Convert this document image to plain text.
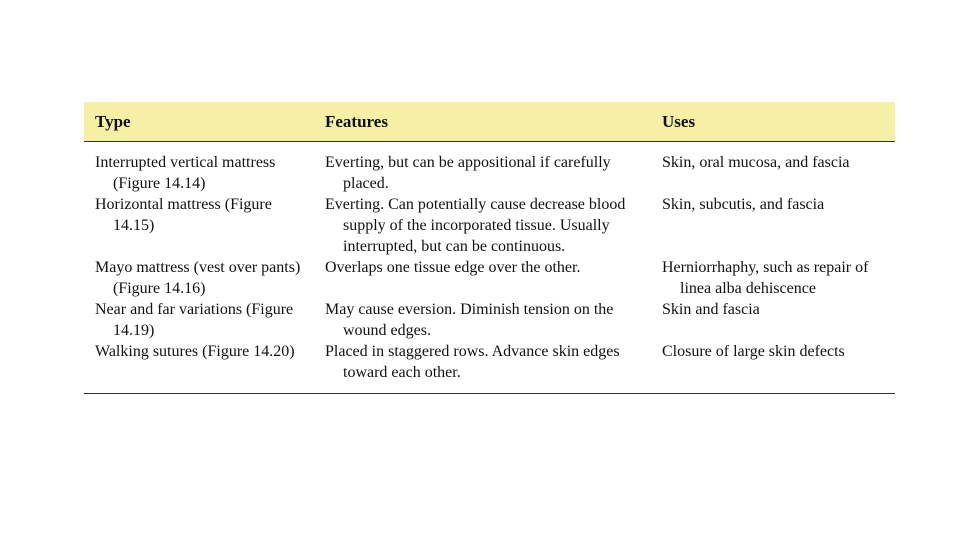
Type	Features	Uses

Interrupted vertical mattress (Figure 14.14)	Everting, but can be appositional if carefully placed.	Skin, oral mucosa, and fascia

Horizontal mattress (Figure 14.15)	Everting. Can potentially cause decrease blood supply of the incorporated tissue. Usually interrupted, but can be continuous.	Skin, subcutis, and fascia

Mayo mattress (vest over pants) (Figure 14.16)	Overlaps one tissue edge over the other.	Herniorrhaphy, such as repair of linea alba dehiscence

Near and far variations (Figure 14.19)	May cause eversion. Diminish tension on the wound edges.	Skin and fascia

Walking sutures (Figure 14.20)	Placed in staggered rows. Advance skin edges toward each other.	Closure of large skin defects
